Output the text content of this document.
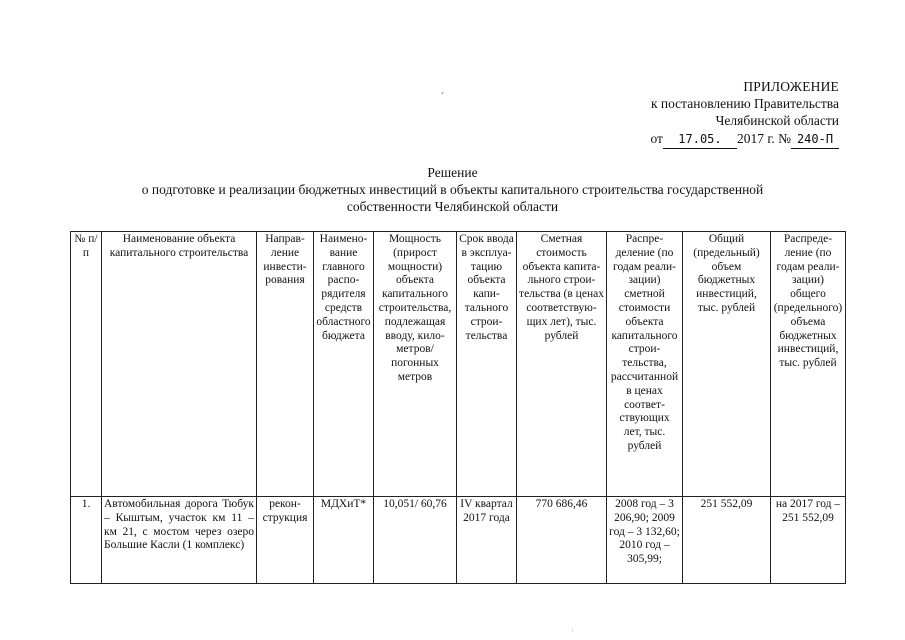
ПРИЛОЖЕНИЕ
к постановлению Правительства
Челябинской области
от 17.05. 2017 г. № 240-П
´
Решение
о подготовке и реализации бюджетных инвестиций в объекты капитального строительства государственной
собственности Челябинской области
№ п/п	Наименование объекта капитального строительства	Направление инвестирования	Наименование главного распорядителя средств областного бюджета	Мощность (прирост мощности) объекта капитального строительства, подлежащая вводу, километров/ погонных метров	Срок ввода в эксплуатацию объекта капитального строительства	Сметная стоимость объекта капитального строительства (в ценах соответствующих лет), тыс. рублей	Распределение (по годам реализации) сметной стоимости объекта капитального строительства, рассчитанной в ценах соответствующих лет, тыс. рублей	Общий (предельный) объем бюджетных инвестиций, тыс. рублей	Распределение (по годам реализации) общего (предельного) объема бюджетных инвестиций, тыс. рублей
1.	Автомобильная дорога Тюбук – Кыштым, участок км 11 – км 21, с мостом через озеро Большие Касли (1 комплекс)	реконструкция	МДХиТ*	10,051/ 60,76	IV квартал 2017 года	770 686,46	2008 год – 3 206,90; 2009 год – 3 132,60; 2010 год – 305,99;	251 552,09	на 2017 год – 251 552,09
'
